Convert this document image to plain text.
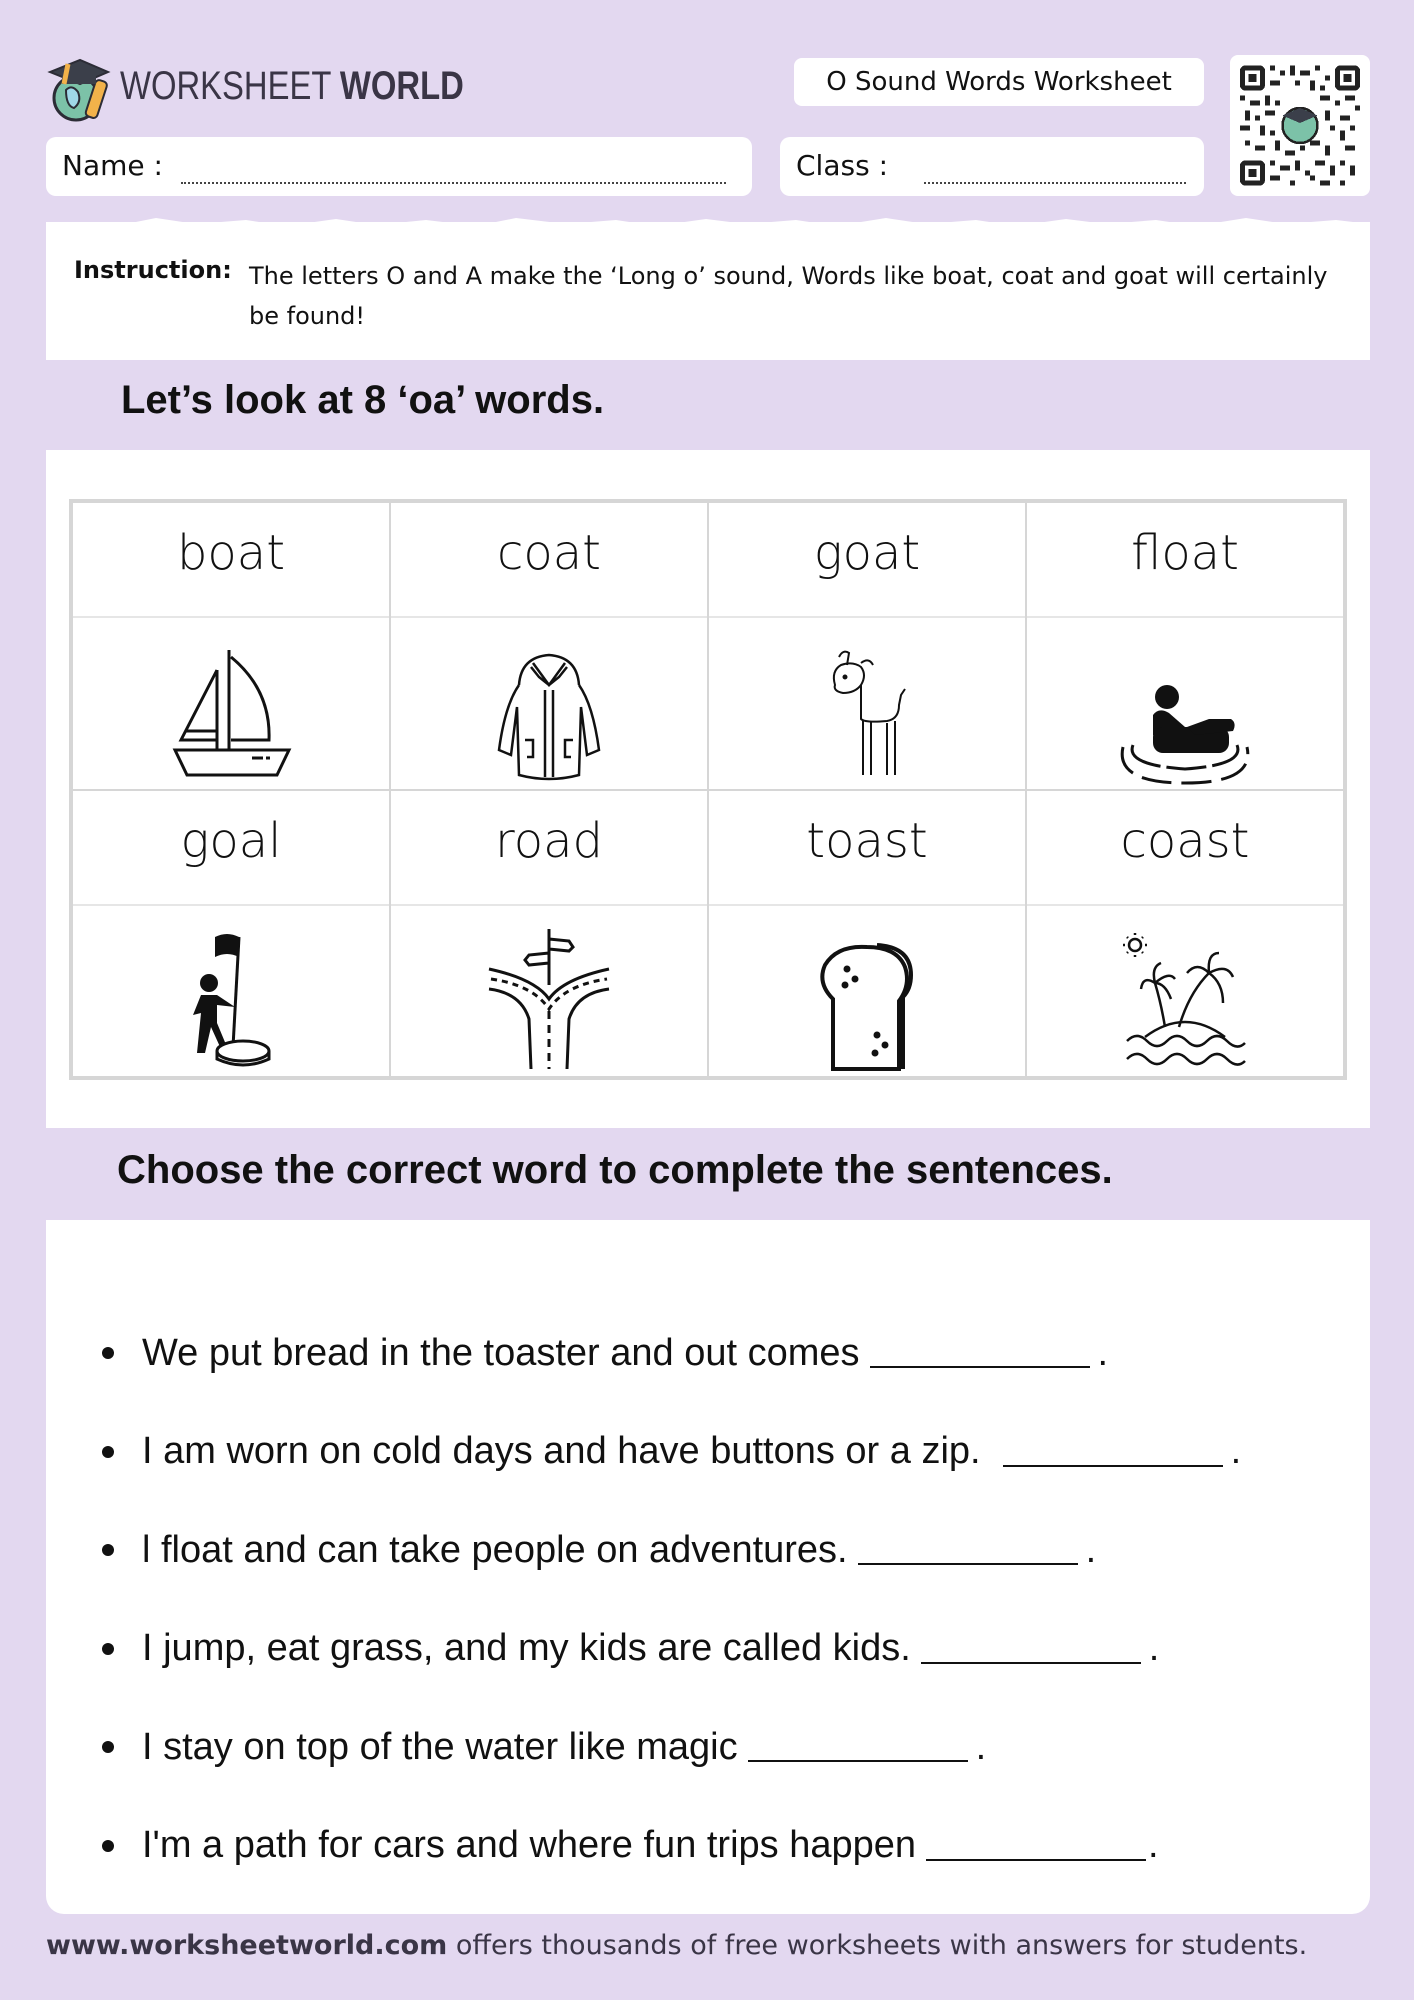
WORKSHEET WORLD	O Sound Words Worksheet
Name :	Class :
Instruction: The letters O and A make the ‘Long o’ sound, Words like boat, coat and goat will certainly be found!
Let’s look at 8 ‘oa’ words.
boat	coat	goat	float
goal	road	toast	coast
Choose the correct word to complete the sentences.
We put bread in the toaster and out comes	.
I am worn on cold days and have buttons or a zip.	.
l float and can take people on adventures.	.
I jump, eat grass, and my kids are called kids.	.
I stay on top of the water like magic	.
I'm a path for cars and where fun trips happen	.
www.worksheetworld.com offers thousands of free worksheets with answers for students.
